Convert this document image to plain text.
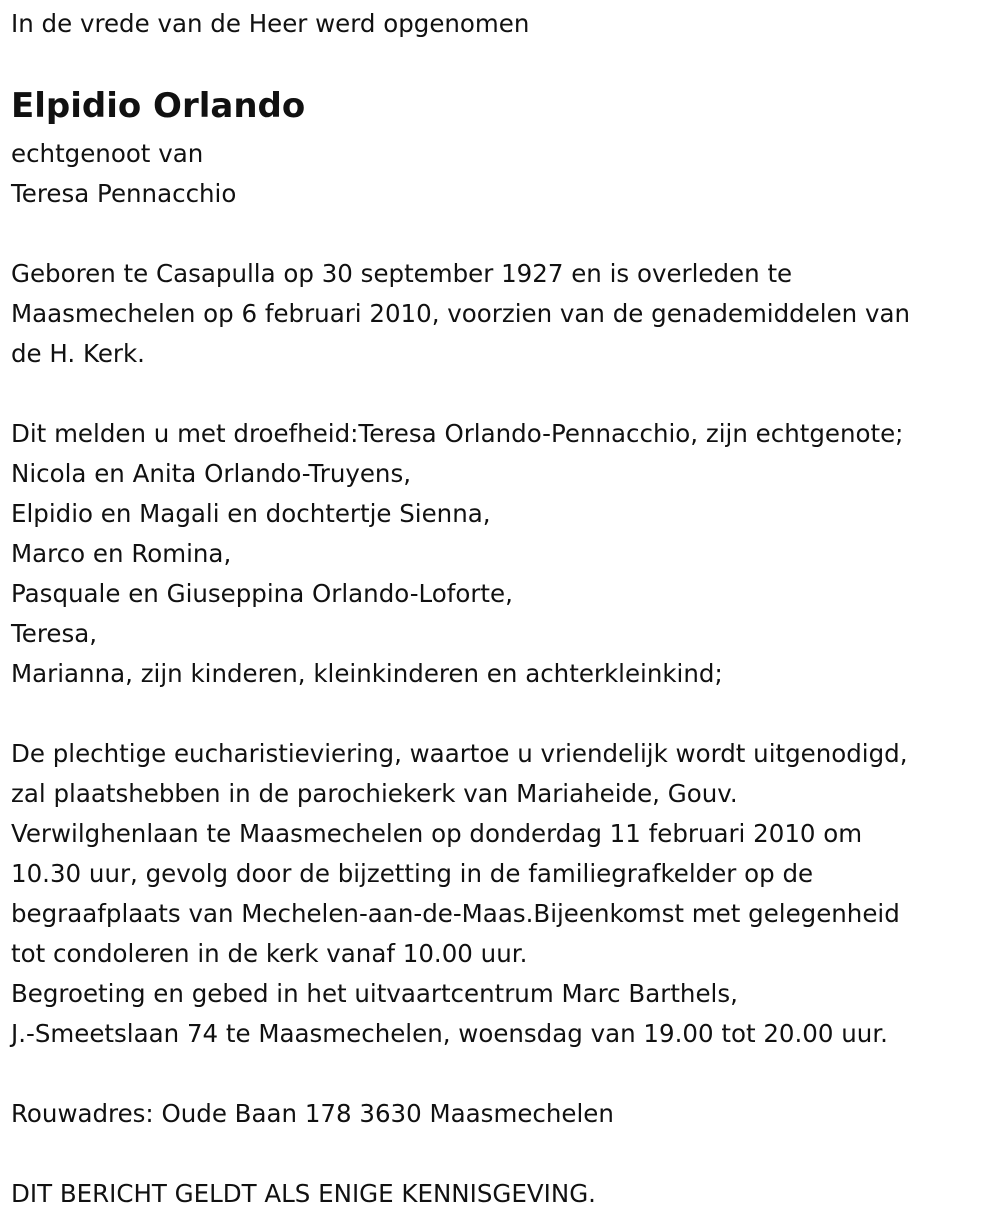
In de vrede van de Heer werd opgenomen
Elpidio Orlando
echtgenoot van
Teresa Pennacchio
Geboren te Casapulla op 30 september 1927 en is overleden te
Maasmechelen op 6 februari 2010, voorzien van de genademiddelen van
de H. Kerk.
Dit melden u met droefheid:Teresa Orlando-Pennacchio, zijn echtgenote;
Nicola en Anita Orlando-Truyens,
Elpidio en Magali en dochtertje Sienna,
Marco en Romina,
Pasquale en Giuseppina Orlando-Loforte,
Teresa,
Marianna, zijn kinderen, kleinkinderen en achterkleinkind;
De plechtige eucharistieviering, waartoe u vriendelijk wordt uitgenodigd,
zal plaatshebben in de parochiekerk van Mariaheide, Gouv.
Verwilghenlaan te Maasmechelen op donderdag 11 februari 2010 om
10.30 uur, gevolg door de bijzetting in de familiegrafkelder op de
begraafplaats van Mechelen-aan-de-Maas.Bijeenkomst met gelegenheid
tot condoleren in de kerk vanaf 10.00 uur.
Begroeting en gebed in het uitvaartcentrum Marc Barthels,
J.-Smeetslaan 74 te Maasmechelen, woensdag van 19.00 tot 20.00 uur.
Rouwadres: Oude Baan 178 3630 Maasmechelen
DIT BERICHT GELDT ALS ENIGE KENNISGEVING.
